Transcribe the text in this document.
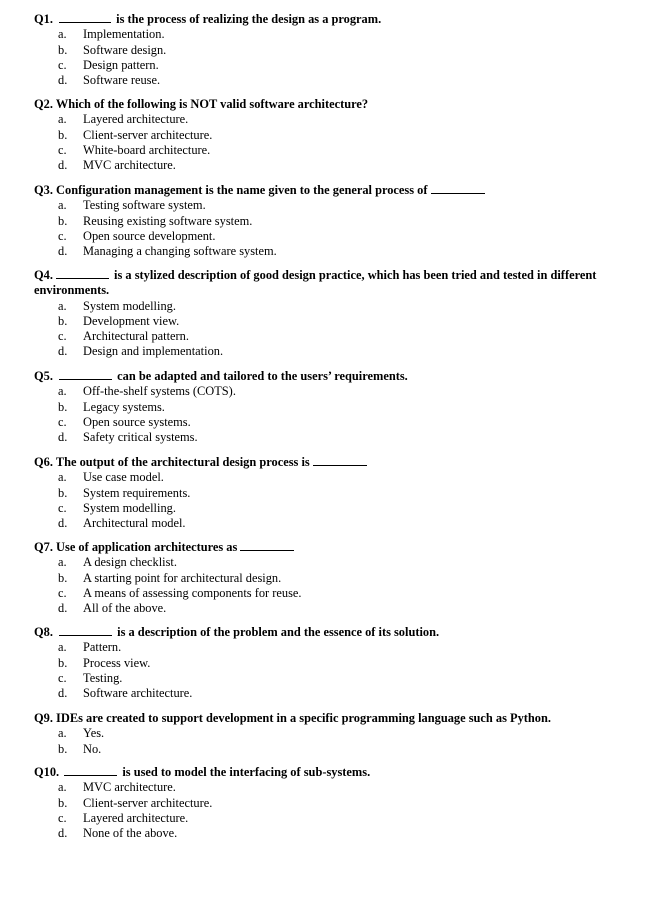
Q1.	is the process of realizing the design as a program.
a. Implementation.
b. Software design.
c. Design pattern.
d. Software reuse.
Q2. Which of the following is NOT valid software architecture?
a. Layered architecture.
b. Client-server architecture.
c. White-board architecture.
d. MVC architecture.
Q3. Configuration management is the name given to the general process of
a. Testing software system.
b. Reusing existing software system.
c. Open source development.
d. Managing a changing software system.
Q4.	is a stylized description of good design practice, which has been tried and tested in different environments.
a. System modelling.
b. Development view.
c. Architectural pattern.
d. Design and implementation.
Q5.	can be adapted and tailored to the users’ requirements.
a. Off-the-shelf systems (COTS).
b. Legacy systems.
c. Open source systems.
d. Safety critical systems.
Q6. The output of the architectural design process is
a. Use case model.
b. System requirements.
c. System modelling.
d. Architectural model.
Q7. Use of application architectures as
a. A design checklist.
b. A starting point for architectural design.
c. A means of assessing components for reuse.
d. All of the above.
Q8.	is a description of the problem and the essence of its solution.
a. Pattern.
b. Process view.
c. Testing.
d. Software architecture.
Q9. IDEs are created to support development in a specific programming language such as Python.
a. Yes.
b. No.
Q10.	is used to model the interfacing of sub-systems.
a. MVC architecture.
b. Client-server architecture.
c. Layered architecture.
d. None of the above.
